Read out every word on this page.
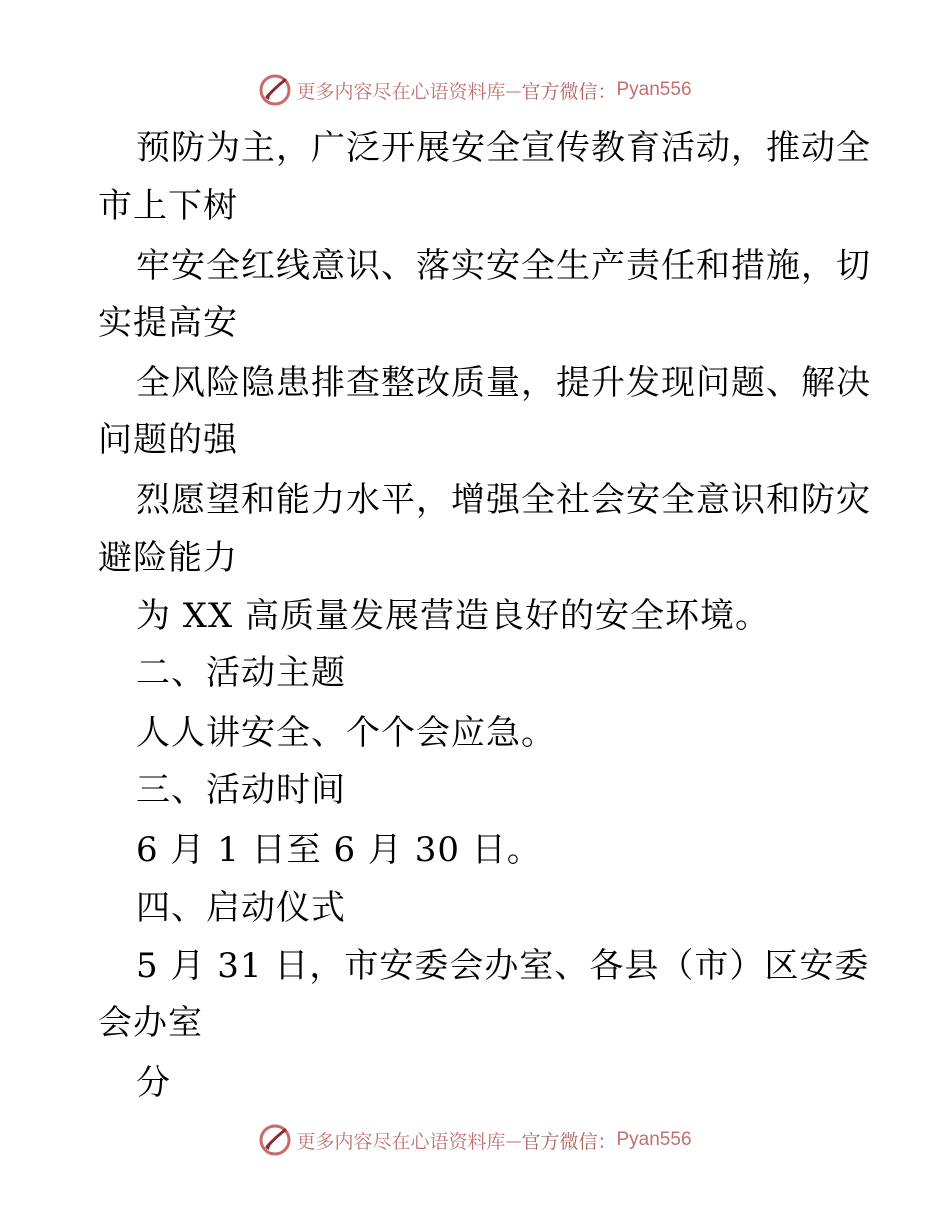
更多内容尽在心语资料库 — 官方微信： Pyan556
预防为主，广泛开展安全宣传教育活动，推动全
市上下树
牢安全红线意识、落实安全生产责任和措施，切
实提高安
全风险隐患排查整改质量，提升发现问题、解决
问题的强
烈愿望和能力水平，增强全社会安全意识和防灾
避险能力
为 XX 高质量发展营造良好的安全环境。
二、活动主题
人人讲安全、个个会应急。
三、活动时间
6 月 1 日至 6 月 30 日。
四、启动仪式
5 月 31 日，市安委会办室、各县（市）区安委
会办室
分
更多内容尽在心语资料库 — 官方微信： Pyan556
